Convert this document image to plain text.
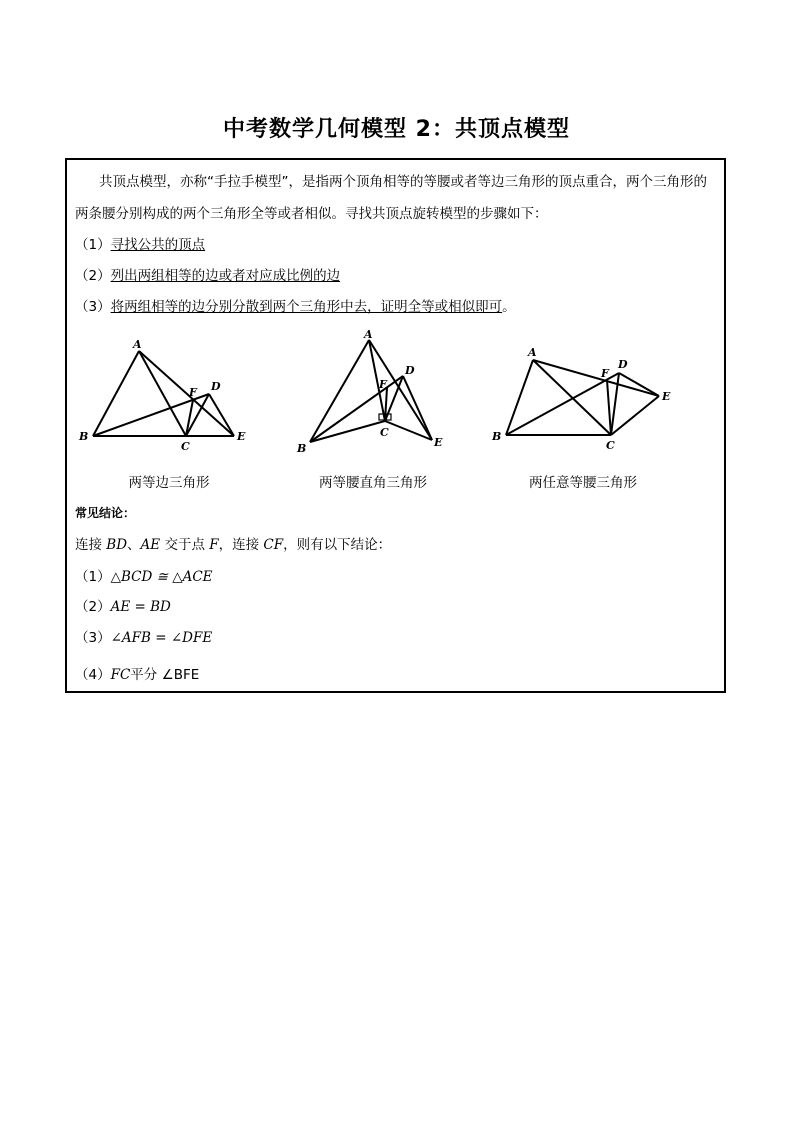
中考数学几何模型 2：共顶点模型
共顶点模型，亦称“手拉手模型”，是指两个顶角相等的等腰或者等边三角形的顶点重合，两个三角形的
两条腰分别构成的两个三角形全等或者相似。寻找共顶点旋转模型的步骤如下：
（1）寻找公共的顶点
（2）列出两组相等的边或者对应成比例的边
（3）将两组相等的边分别分散到两个三角形中去，证明全等或相似即可。
A
B
C
D
E
F
两等边三角形
A
B
C
D
E
F
两等腰直角三角形
A
B
C
D
E
F
两任意等腰三角形
常见结论：
连接 BD、AE 交于点 F，连接 CF，则有以下结论：
（1）△BCD ≅ △ACE
（2）AE = BD
（3）∠AFB = ∠DFE
（4）FC平分 ∠BFE
